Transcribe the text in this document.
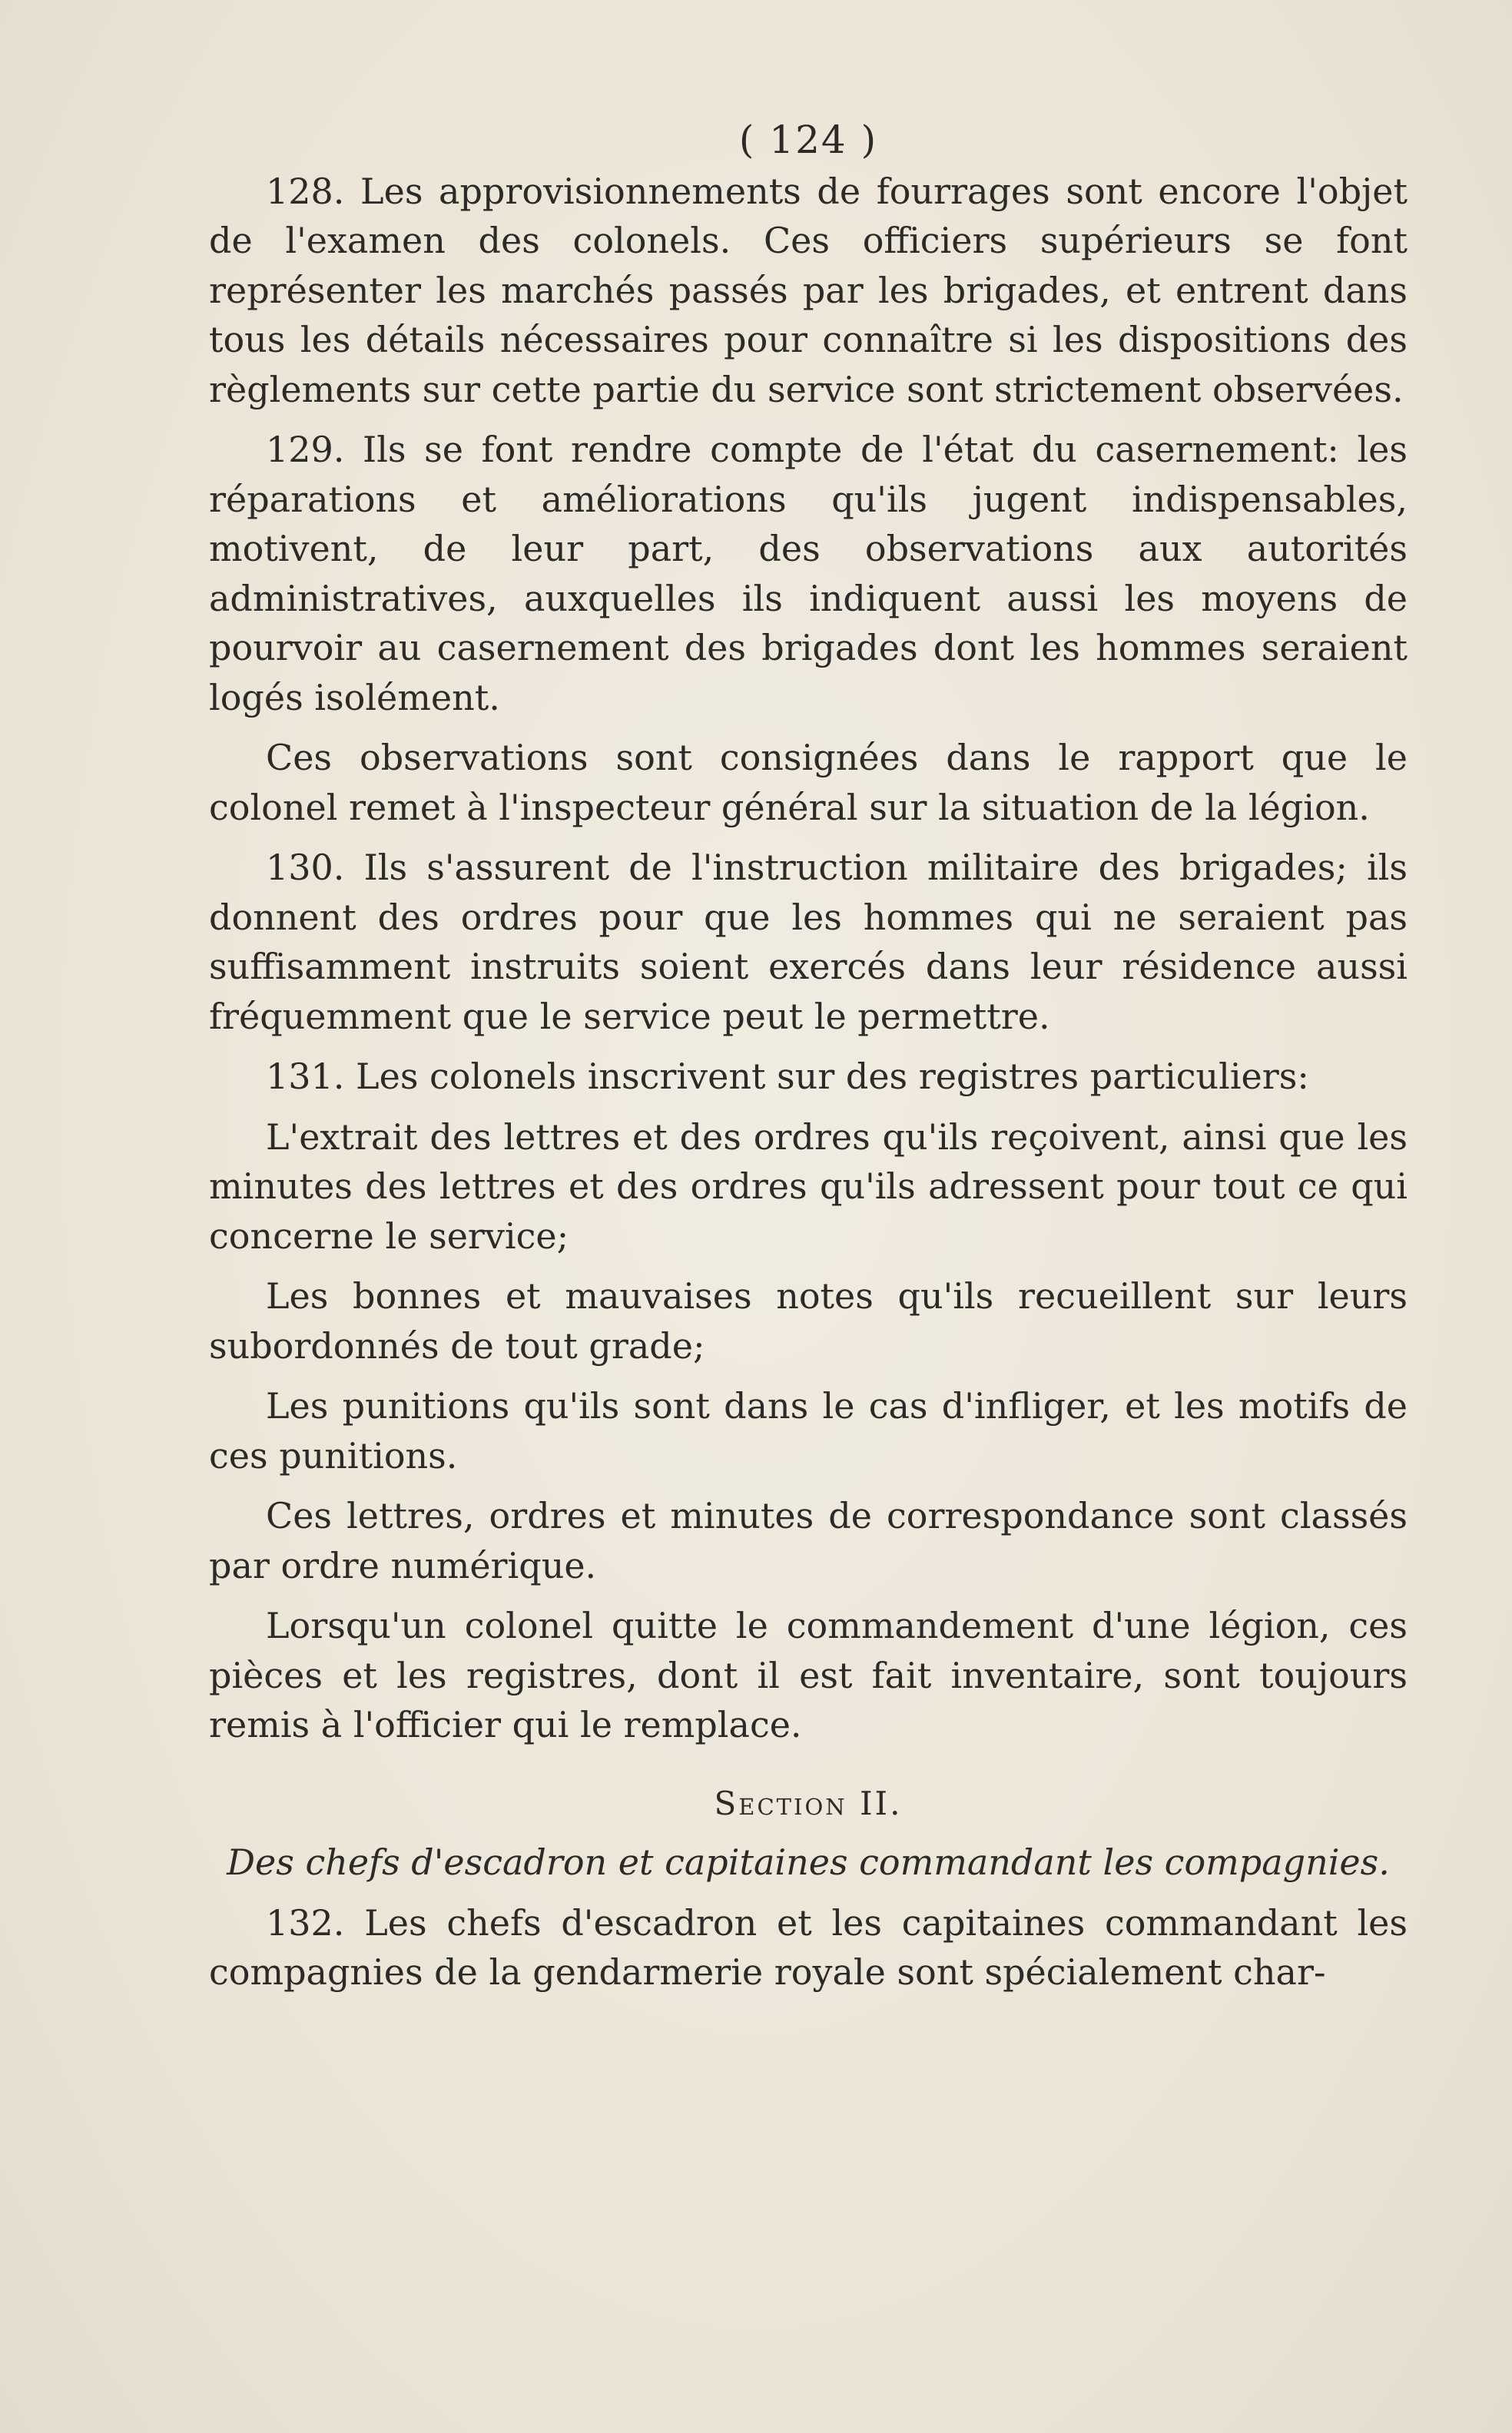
( 124 )

128. Les approvisionnements de fourrages sont encore l'objet de l'examen des colonels. Ces officiers supérieurs se font représenter les marchés passés par les brigades, et entrent dans tous les détails nécessaires pour connaître si les dispositions des règlements sur cette partie du service sont strictement observées.

129. Ils se font rendre compte de l'état du casernement: les réparations et améliorations qu'ils jugent indispensables, motivent, de leur part, des observations aux autorités administratives, auxquelles ils indiquent aussi les moyens de pourvoir au casernement des brigades dont les hommes seraient logés isolément.

Ces observations sont consignées dans le rapport que le colonel remet à l'inspecteur général sur la situation de la légion.

130. Ils s'assurent de l'instruction militaire des brigades; ils donnent des ordres pour que les hommes qui ne seraient pas suffisamment instruits soient exercés dans leur résidence aussi fréquemment que le service peut le permettre.

131. Les colonels inscrivent sur des registres particuliers:

L'extrait des lettres et des ordres qu'ils reçoivent, ainsi que les minutes des lettres et des ordres qu'ils adressent pour tout ce qui concerne le service;

Les bonnes et mauvaises notes qu'ils recueillent sur leurs subordonnés de tout grade;

Les punitions qu'ils sont dans le cas d'infliger, et les motifs de ces punitions.

Ces lettres, ordres et minutes de correspondance sont classés par ordre numérique.

Lorsqu'un colonel quitte le commandement d'une légion, ces pièces et les registres, dont il est fait inventaire, sont toujours remis à l'officier qui le remplace.

Section II.
Des chefs d'escadron et capitaines commandant les compagnies.

132. Les chefs d'escadron et les capitaines commandant les compagnies de la gendarmerie royale sont spécialement char-
